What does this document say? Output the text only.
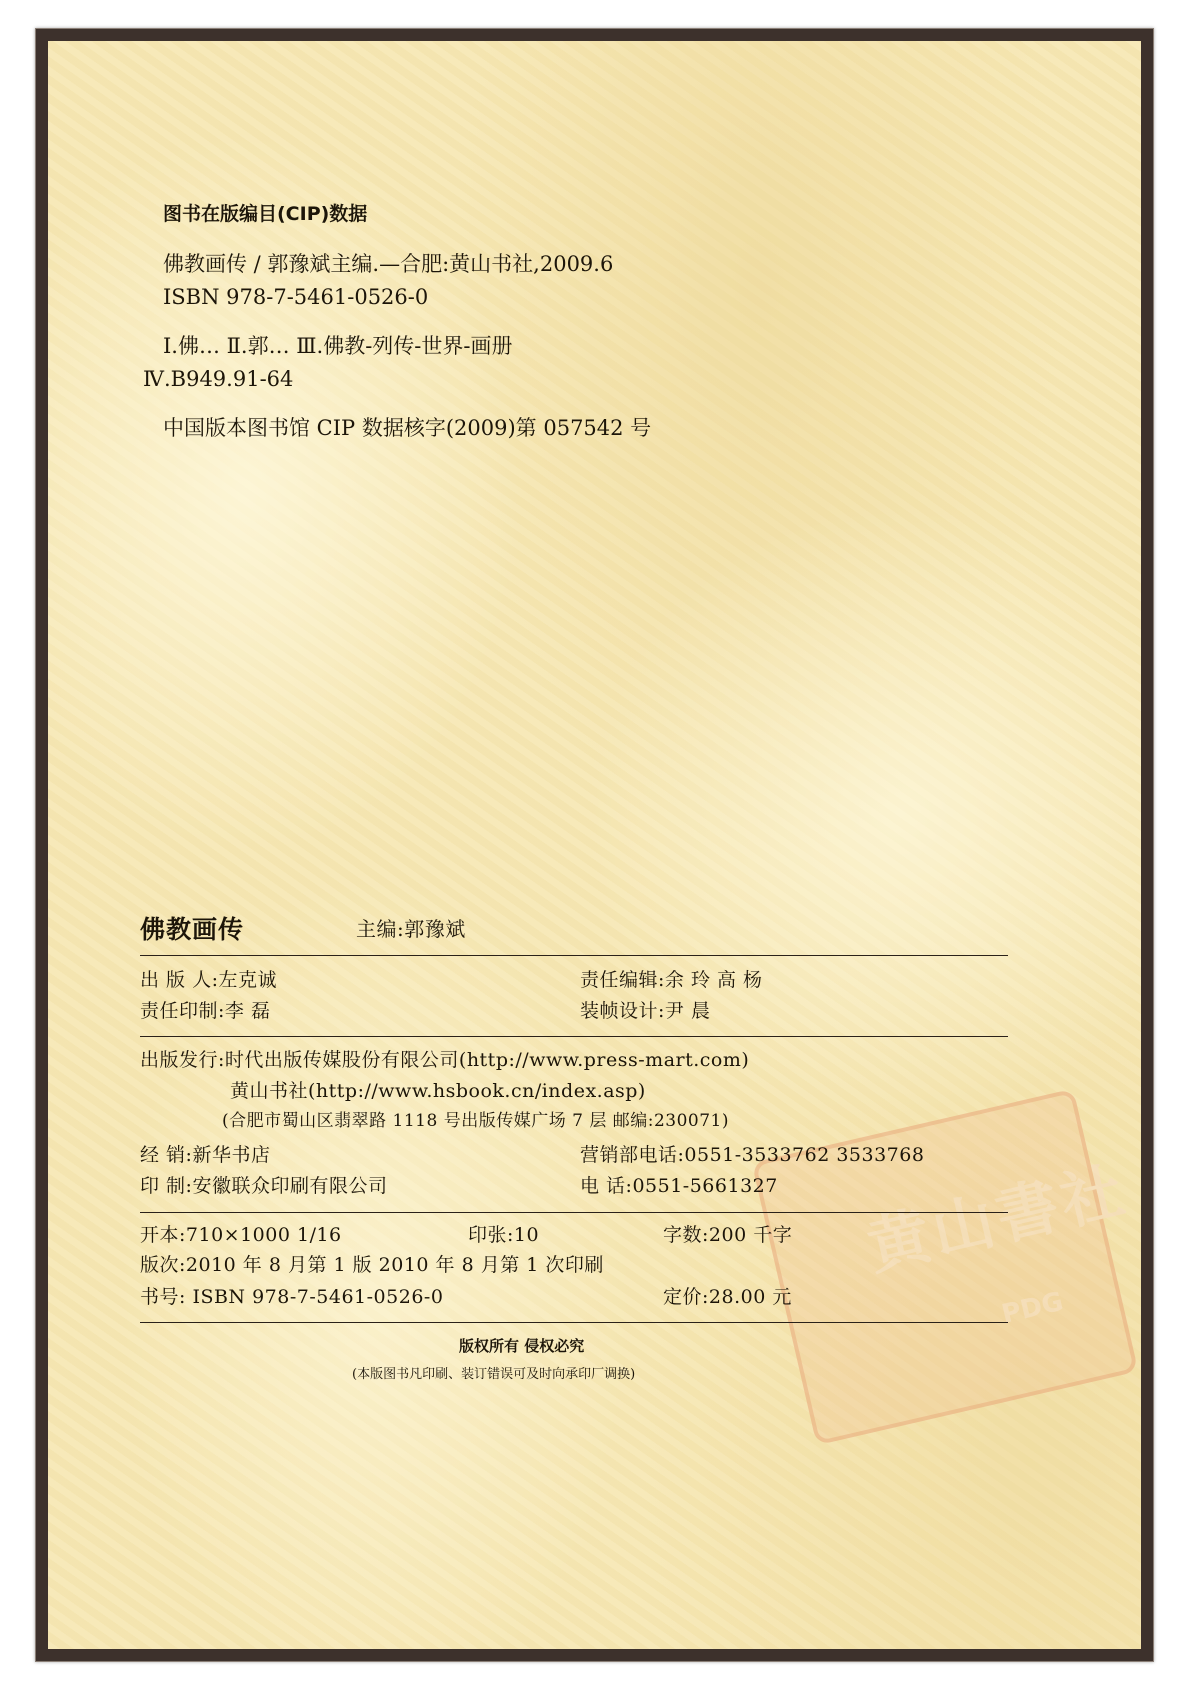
图书在版编目(CIP)数据
佛教画传 / 郭豫斌主编.—合肥:黄山书社,2009.6
ISBN 978-7-5461-0526-0
Ⅰ.佛… Ⅱ.郭… Ⅲ.佛教-列传-世界-画册
Ⅳ.B949.91-64
中国版本图书馆 CIP 数据核字(2009)第 057542 号
黄山書社
PDG
佛教画传	主编:郭豫斌
出 版 人:左克诚	责任编辑:余 玲 高 杨
责任印制:李 磊	装帧设计:尹 晨
出版发行:时代出版传媒股份有限公司(http://www.press-mart.com)
黄山书社(http://www.hsbook.cn/index.asp)
(合肥市蜀山区翡翠路 1118 号出版传媒广场 7 层 邮编:230071)
经 销:新华书店	营销部电话:0551-3533762 3533768
印 制:安徽联众印刷有限公司	电 话:0551-5661327
开本:710×1000 1/16	印张:10	字数:200 千字
版次:2010 年 8 月第 1 版 2010 年 8 月第 1 次印刷
书号: ISBN 978-7-5461-0526-0	定价:28.00 元
版权所有 侵权必究
(本版图书凡印刷、装订错误可及时向承印厂调换)
